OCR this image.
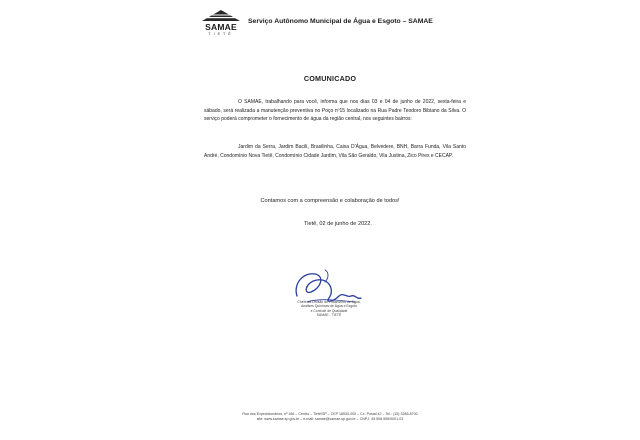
SAMAE
TIETÊ
Serviço Autônomo Municipal de Água e Esgoto – SAMAE
COMUNICADO
O SAMAE, trabalhando para você, informa que nos dias 03 e 04 de junho de 2022, sexta-feira e sábado, será realizada a manutenção preventiva no Poço nº15 localizado na Rua Padre Teodoro Bibiano da Silva. O serviço poderá comprometer o fornecimento de água da região central, nos seguintes bairros:
Jardim da Serra, Jardim Bacili, Brasilinha, Caixa D'Água, Belvedere, BNH, Barra Funda, Vila Santo André, Condomínio Nova Tietê, Condomínio Cidade Jardim, Vila São Geraldo, Vila Justina, Zico Pires e CECAP.
Contamos com a compreensão e colaboração de todos!
Tietê, 02 de junho de 2022.
Chefe da Divisão de Tratamento de Água,
Análises Químicas de Água e Esgoto
e Controle de Qualidade
SAMAE - TIETÊ
Rua dos Expedicionários, nº 186 – Centro – Tietê/SP – CEP 18530-000 – Cx. Postal 42 – Tel.: (15) 3285-8700
site: www.samae.sp.gov.br – e-mail: samae@samae.sp.gov.br – CNPJ: 45.508.556/0001-03
